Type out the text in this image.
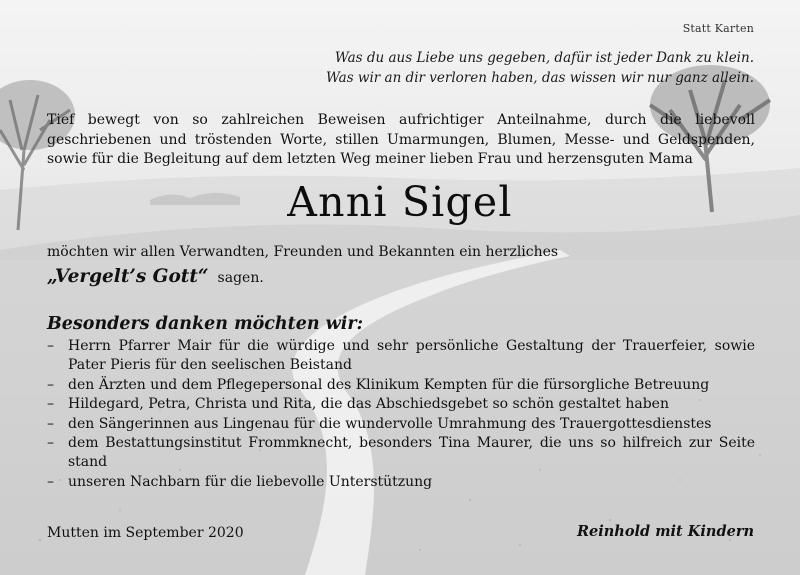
Statt Karten
Was du aus Liebe uns gegeben, dafür ist jeder Dank zu klein.
Was wir an dir verloren haben, das wissen wir nur ganz allein.
Tief bewegt von so zahlreichen Beweisen aufrichtiger Anteilnahme, durch die liebevoll geschriebenen und tröstenden Worte, stillen Umarmungen, Blumen, Messe- und Geldspenden, sowie für die Begleitung auf dem letzten Weg meiner lieben Frau und herzensguten Mama
Anni Sigel
möchten wir allen Verwandten, Freunden und Bekannten ein herzliches
„Vergelt’s Gott“ sagen.
Besonders danken möchten wir:
– Herrn Pfarrer Mair für die würdige und sehr persönliche Gestaltung der Trauerfeier, sowie Pater Pieris für den seelischen Beistand
– den Ärzten und dem Pflegepersonal des Klinikum Kempten für die fürsorgliche Betreuung
– Hildegard, Petra, Christa und Rita, die das Abschiedsgebet so schön gestaltet haben
– den Sängerinnen aus Lingenau für die wundervolle Umrahmung des Trauergottesdienstes
– dem Bestattungsinstitut Frommknecht, besonders Tina Maurer, die uns so hilfreich zur Seite stand
– unseren Nachbarn für die liebevolle Unterstützung
Mutten im September 2020	Reinhold mit Kindern
